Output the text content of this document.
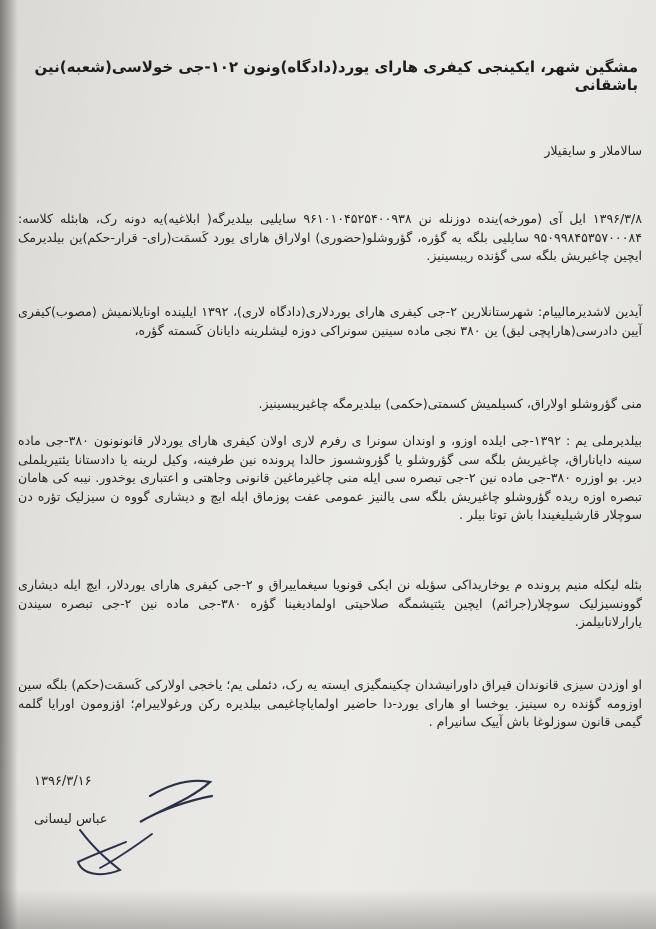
مشگین شهر، ایکینجی کیفری هارای یورد(دادگاه)ونون ۱۰۲-جی خولاسی(شعبه)نین باشقانی
سالاملار و سایقیلار
۱۳۹۶/۳/۸ ایل آی (مورخه)ینده دوزنله نن ۹۶۱۰۱۰۴۵۲۵۴۰۰۹۳۸ سایلیی بیلدیرگه( ابلاغیه)یه دونه رک، هابئله کلاسه: ۹۵۰۹۹۸۴۵۳۵۷۰۰۰۸۴ سایلیی بلگه یه گؤره، گؤروشلو(حضوری) اولاراق هارای یورد کَسمَت(رای- قرار-حکم)ین بیلدیرمک ایچین چاغیریش بلگه سی گؤنده ریبسینیز.
آیدین لاشدیرمالییام: شهرستانلارین ۲-جی کیفری هارای یوردلاری(دادگاه لاری)، ۱۳۹۲ ایلینده اونایلانمیش (مصوب)کیفری آیین دادرسی(هاراپچی لیق) ین ۳۸۰ نجی ماده سینین سونراکی دوزه لیشلرینه دایانان کَسمته گؤره،
منی گؤروشلو اولاراق، کسیلمیش کسمتی(حکمی) بیلدیرمگه چاغیریبسینیز.
بیلدیرملی یم : ۱۳۹۲-جی ایلده اوزو، و اوندان سونرا ی رفرم لاری اولان کیفری هارای یوردلار قانونونون ۳۸۰-جی ماده سینه دایاناراق، چاغیریش بلگه سی گؤروشلو یا گؤروشسوز حالدا پرونده نین طرفینه، وکیل لرینه یا دادستانا یئتیریلملی دیر. بو اوزره ۳۸۰-جی ماده نین ۲-جی تبصره سی ایله منی چاغیرماغین قانونی وجاهتی و اعتباری یوخدور. نیبه کی هامان تبصره اوزه ریده گؤروشلو چاغیریش بلگه سی یالنیز عمومی عفت پوزماق ایله ایچ و دیشاری گووه ن سیزلیک تؤره دن سوچلار قارشیلیغیندا باش توتا بیلر .
بئله لیکله منیم پرونده م یوخاریداکی سؤیله نن ایکی قونویا سیغماییراق و ۲-جی کیفری هارای یوردلار، ایچ ایله دیشاری گوونسیزلیک سوچلار(جرائم) ایچین یئتیشمگه صلاحیتی اولمادیغینا گؤره ۳۸۰-جی ماده نین ۲-جی تبصره سیندن یارارلانابیلمز.
او اوزدن سیزی قانوندان قیراق داورانیشدان چکینمگیزی ایسته یه رک، دئملی یم؛ یاخجی اولارکی کَسمَت(حکم) بلگه سین اوزومه گؤنده ره سینیز. یوخسا او هارای یورد-دا حاضیر اولمایاچاغیمی بیلدیره رکن ورغولاییرام؛ اؤزومون اورایا گلمه گیمی قانون سوزلوغا باش آییک سانیرام .
۱۳۹۶/۳/۱۶
عباس لیسانی
